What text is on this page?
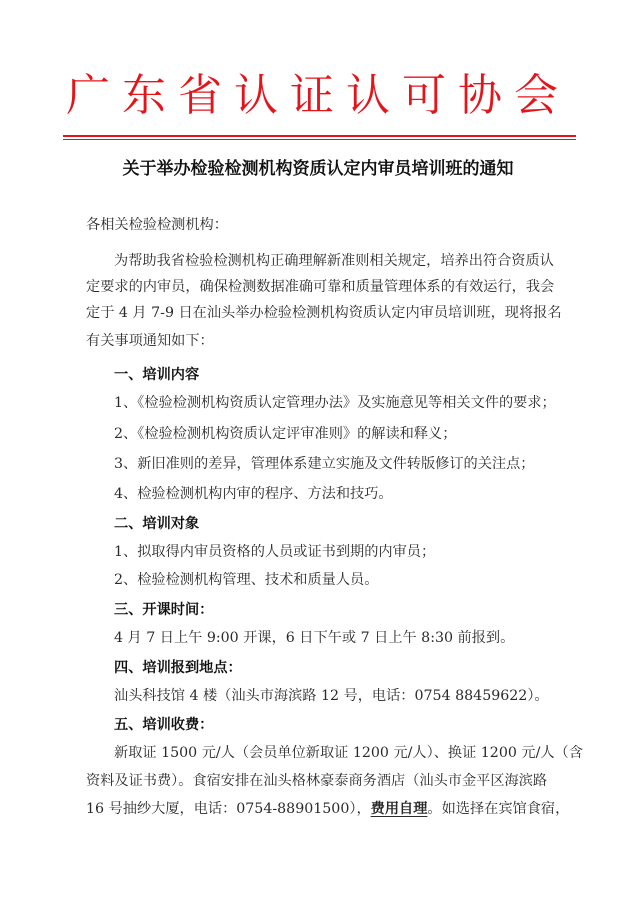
广东省认证认可协会
关于举办检验检测机构资质认定内审员培训班的通知
各相关检验检测机构：
为帮助我省检验检测机构正确理解新准则相关规定，培养出符合资质认
定要求的内审员，确保检测数据准确可靠和质量管理体系的有效运行，我会
定于 4 月 7-9 日在汕头举办检验检测机构资质认定内审员培训班，现将报名
有关事项通知如下：
一、培训内容
1、《检验检测机构资质认定管理办法》及实施意见等相关文件的要求；
2、《检验检测机构资质认定评审准则》的解读和释义；
3、新旧准则的差异，管理体系建立实施及文件转版修订的关注点；
4、检验检测机构内审的程序、方法和技巧。
二、培训对象
1、拟取得内审员资格的人员或证书到期的内审员；
2、检验检测机构管理、技术和质量人员。
三、开课时间：
4 月 7 日上午 9:00 开课，6 日下午或 7 日上午 8:30 前报到。
四、培训报到地点：
汕头科技馆 4 楼（汕头市海滨路 12 号，电话：0754 88459622）。
五、培训收费：
新取证 1500 元/人（会员单位新取证 1200 元/人）、换证 1200 元/人（含
资料及证书费）。食宿安排在汕头格林豪泰商务酒店（汕头市金平区海滨路
16 号抽纱大厦，电话：0754-88901500），费用自理。如选择在宾馆食宿，
